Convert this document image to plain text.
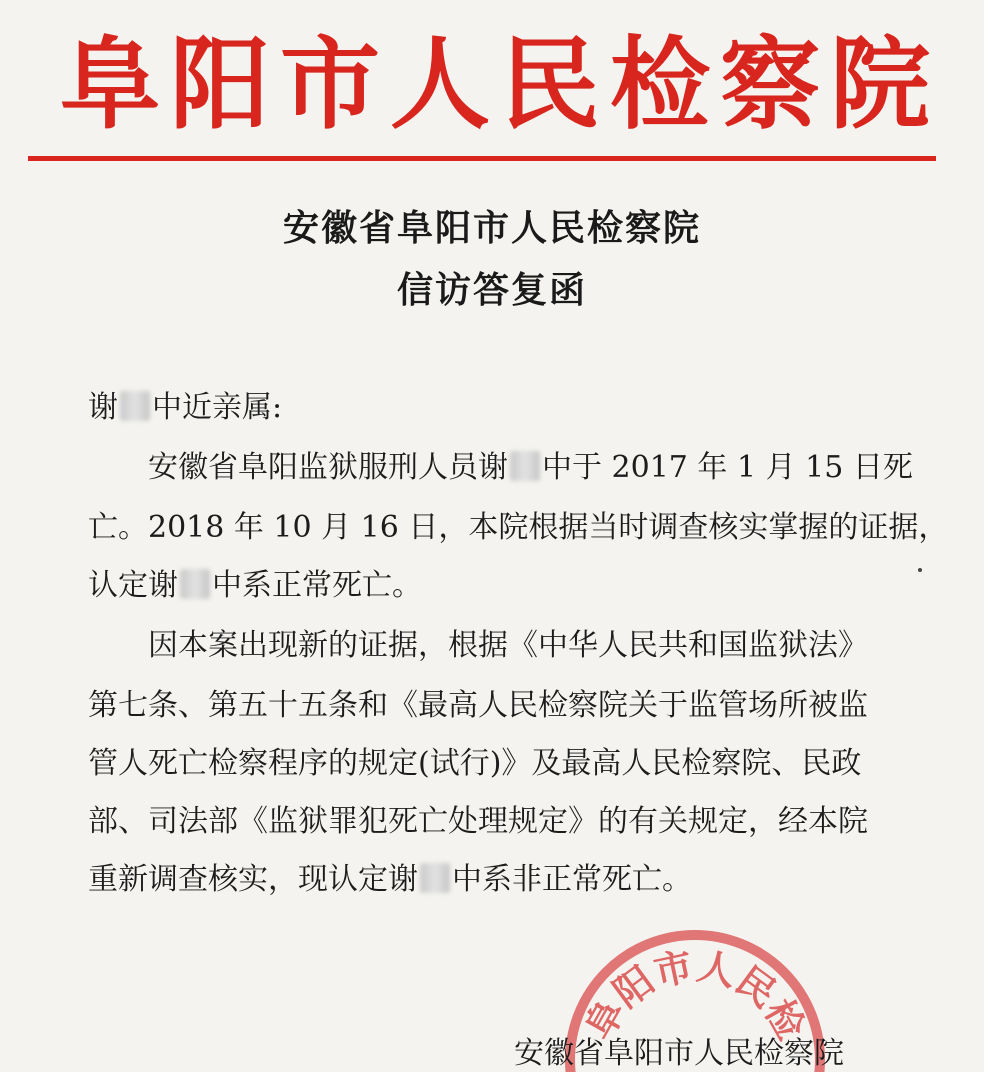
阜 阳 市 人 民 检 察 院
安徽省阜阳市人民检察院
信访答复函
谢 中近亲属:
安徽省阜阳监狱服刑人员谢 中于 2017 年 1 月 15 日死
亡。2018 年 10 月 16 日，本院根据当时调查核实掌握的证据，
认定谢 中系正常死亡。
因本案出现新的证据，根据《中华人民共和国监狱法》
第七条、第五十五条和《最高人民检察院关于监管场所被监
管人死亡检察程序的规定(试行)》及最高人民检察院、民政
部、司法部《监狱罪犯死亡处理规定》的有关规定，经本院
重新调查核实，现认定谢 中系非正常死亡。
阜阳市人民检
安徽省阜阳市人民检察院
